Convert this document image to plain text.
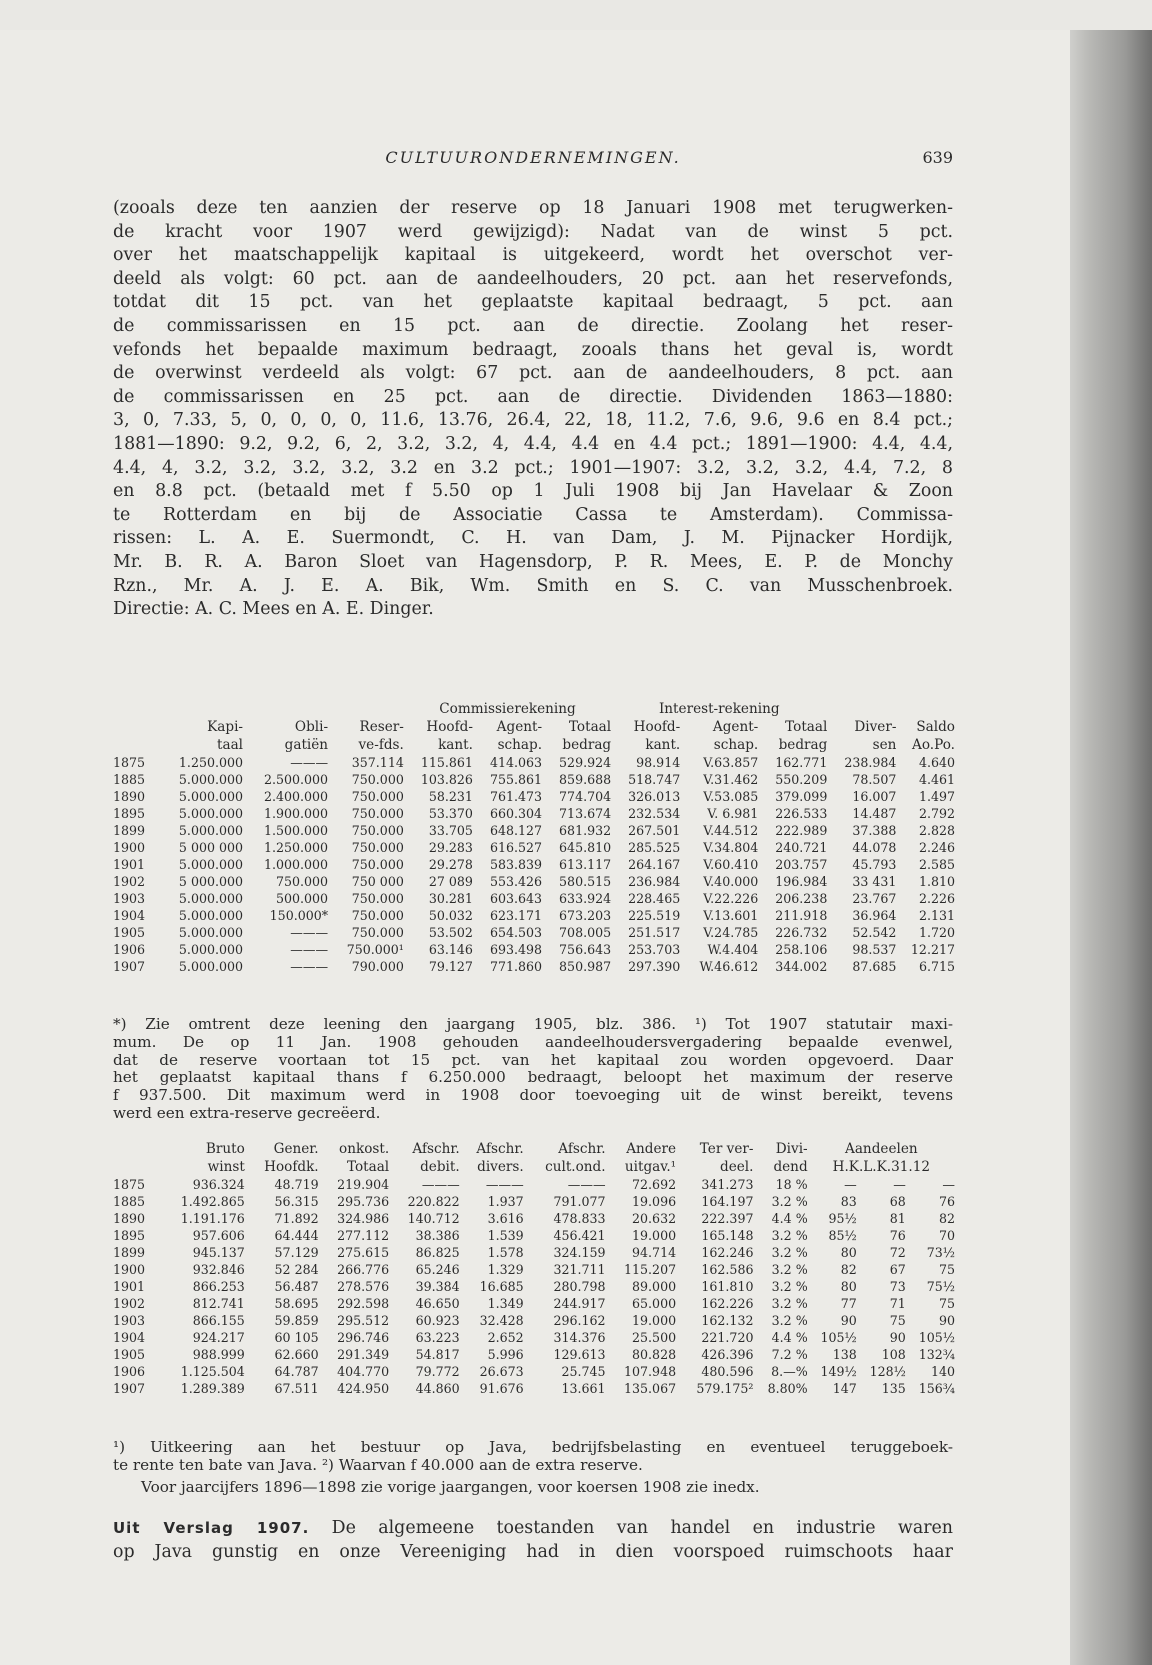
CULTUURONDERNEMINGEN.	639
(zooals deze ten aanzien der reserve op 18 Januari 1908 met terugwerken-
de kracht voor 1907 werd gewijzigd): Nadat van de winst 5 pct.
over het maatschappelijk kapitaal is uitgekeerd, wordt het overschot ver-
deeld als volgt: 60 pct. aan de aandeelhouders, 20 pct. aan het reservefonds,
totdat dit 15 pct. van het geplaatste kapitaal bedraagt, 5 pct. aan
de commissarissen en 15 pct. aan de directie. Zoolang het reser-
vefonds het bepaalde maximum bedraagt, zooals thans het geval is, wordt
de overwinst verdeeld als volgt: 67 pct. aan de aandeelhouders, 8 pct. aan
de commissarissen en 25 pct. aan de directie. Dividenden 1863—1880:
3, 0, 7.33, 5, 0, 0, 0, 0, 11.6, 13.76, 26.4, 22, 18, 11.2, 7.6, 9.6, 9.6 en 8.4 pct.;
1881—1890: 9.2, 9.2, 6, 2, 3.2, 3.2, 4, 4.4, 4.4 en 4.4 pct.; 1891—1900: 4.4, 4.4,
4.4, 4, 3.2, 3.2, 3.2, 3.2, 3.2 en 3.2 pct.; 1901—1907: 3.2, 3.2, 3.2, 4.4, 7.2, 8
en 8.8 pct. (betaald met f 5.50 op 1 Juli 1908 bij Jan Havelaar & Zoon
te Rotterdam en bij de Associatie Cassa te Amsterdam). Commissa-
rissen: L. A. E. Suermondt, C. H. van Dam, J. M. Pijnacker Hordijk,
Mr. B. R. A. Baron Sloet van Hagensdorp, P. R. Mees, E. P. de Monchy
Rzn., Mr. A. J. E. A. Bik, Wm. Smith en S. C. van Musschenbroek.
Directie: A. C. Mees en A. E. Dinger.
				Commissierekening			Interest-rekening				
	Kapi-	Obli-	Reser-	Hoofd-	Agent-	Totaal	Hoofd-	Agent-	Totaal	Diver-	Saldo
	taal	gatiën	ve-fds.	kant.	schap.	bedrag	kant.	schap.	bedrag	sen	Ao.Po.
1875	1.250.000	———	357.114	115.861	414.063	529.924	98.914	V.63.857	162.771	238.984	4.640
1885	5.000.000	2.500.000	750.000	103.826	755.861	859.688	518.747	V.31.462	550.209	78.507	4.461
1890	5.000.000	2.400.000	750.000	58.231	761.473	774.704	326.013	V.53.085	379.099	16.007	1.497
1895	5.000.000	1.900.000	750.000	53.370	660.304	713.674	232.534	V. 6.981	226.533	14.487	2.792
1899	5.000.000	1.500.000	750.000	33.705	648.127	681.932	267.501	V.44.512	222.989	37.388	2.828
1900	5 000 000	1.250.000	750.000	29.283	616.527	645.810	285.525	V.34.804	240.721	44.078	2.246
1901	5.000.000	1.000.000	750.000	29.278	583.839	613.117	264.167	V.60.410	203.757	45.793	2.585
1902	5 000.000	750.000	750 000	27 089	553.426	580.515	236.984	V.40.000	196.984	33 431	1.810
1903	5.000.000	500.000	750.000	30.281	603.643	633.924	228.465	V.22.226	206.238	23.767	2.226
1904	5.000.000	150.000*	750.000	50.032	623.171	673.203	225.519	V.13.601	211.918	36.964	2.131
1905	5.000.000	———	750.000	53.502	654.503	708.005	251.517	V.24.785	226.732	52.542	1.720
1906	5.000.000	———	750.000¹	63.146	693.498	756.643	253.703	W.4.404	258.106	98.537	12.217
1907	5.000.000	———	790.000	79.127	771.860	850.987	297.390	W.46.612	344.002	87.685	6.715
*) Zie omtrent deze leening den jaargang 1905, blz. 386. ¹) Tot 1907 statutair maxi-
mum. De op 11 Jan. 1908 gehouden aandeelhoudersvergadering bepaalde evenwel,
dat de reserve voortaan tot 15 pct. van het kapitaal zou worden opgevoerd. Daar
het geplaatst kapitaal thans f 6.250.000 bedraagt, beloopt het maximum der reserve
f 937.500. Dit maximum werd in 1908 door toevoeging uit de winst bereikt, tevens
werd een extra-reserve gecreëerd.
	Bruto	Gener.	onkost.	Afschr.	Afschr.	Afschr.	Andere	Ter ver-	Divi-	Aandeelen		
	winst	Hoofdk.	Totaal	debit.	divers.	cult.ond.	uitgav.¹	deel.	dend	H.K.L.K.31.12		
1875	936.324	48.719	219.904	———	———	———	72.692	341.273	18 %	—	—	—
1885	1.492.865	56.315	295.736	220.822	1.937	791.077	19.096	164.197	3.2 %	83	68	76
1890	1.191.176	71.892	324.986	140.712	3.616	478.833	20.632	222.397	4.4 %	95½	81	82
1895	957.606	64.444	277.112	38.386	1.539	456.421	19.000	165.148	3.2 %	85½	76	70
1899	945.137	57.129	275.615	86.825	1.578	324.159	94.714	162.246	3.2 %	80	72	73½
1900	932.846	52 284	266.776	65.246	1.329	321.711	115.207	162.586	3.2 %	82	67	75
1901	866.253	56.487	278.576	39.384	16.685	280.798	89.000	161.810	3.2 %	80	73	75½
1902	812.741	58.695	292.598	46.650	1.349	244.917	65.000	162.226	3.2 %	77	71	75
1903	866.155	59.859	295.512	60.923	32.428	296.162	19.000	162.132	3.2 %	90	75	90
1904	924.217	60 105	296.746	63.223	2.652	314.376	25.500	221.720	4.4 %	105½	90	105½
1905	988.999	62.660	291.349	54.817	5.996	129.613	80.828	426.396	7.2 %	138	108	132¾
1906	1.125.504	64.787	404.770	79.772	26.673	25.745	107.948	480.596	8.—%	149½	128½	140
1907	1.289.389	67.511	424.950	44.860	91.676	13.661	135.067	579.175²	8.80%	147	135	156¾
¹) Uitkeering aan het bestuur op Java, bedrijfsbelasting en eventueel teruggeboek-
te rente ten bate van Java. ²) Waarvan f 40.000 aan de extra reserve.
Voor jaarcijfers 1896—1898 zie vorige jaargangen, voor koersen 1908 zie inedx.
Uit Verslag 1907. De algemeene toestanden van handel en industrie waren
op Java gunstig en onze Vereeniging had in dien voorspoed ruimschoots haar
